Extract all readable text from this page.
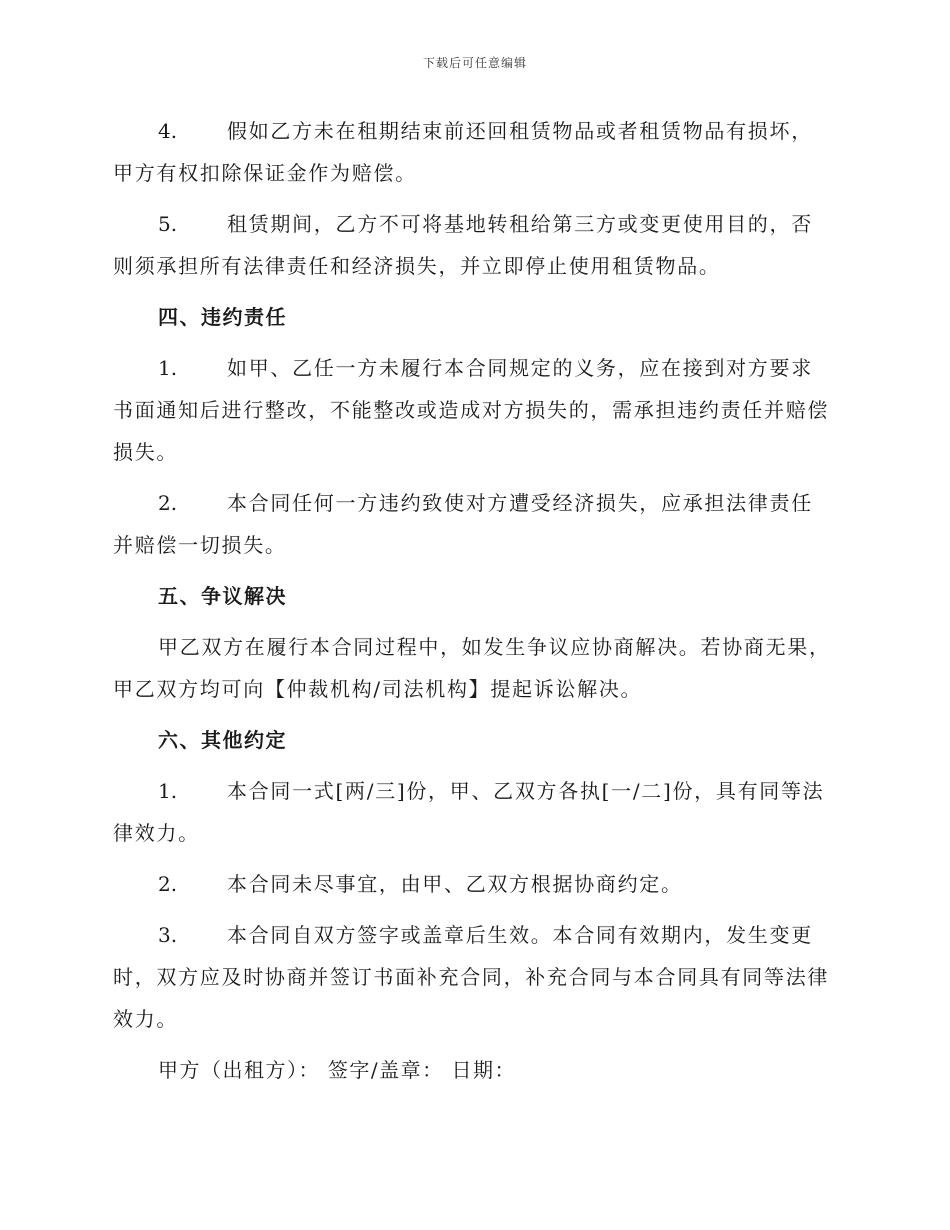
下载后可任意编辑

4. 假如乙方未在租期结束前还回租赁物品或者租赁物品有损坏，甲方有权扣除保证金作为赔偿。

5. 租赁期间，乙方不可将基地转租给第三方或变更使用目的，否则须承担所有法律责任和经济损失，并立即停止使用租赁物品。

四、违约责任

1. 如甲、乙任一方未履行本合同规定的义务，应在接到对方要求书面通知后进行整改，不能整改或造成对方损失的，需承担违约责任并赔偿损失。

2. 本合同任何一方违约致使对方遭受经济损失，应承担法律责任并赔偿一切损失。

五、争议解决

甲乙双方在履行本合同过程中，如发生争议应协商解决。若协商无果，甲乙双方均可向【仲裁机构/司法机构】提起诉讼解决。

六、其他约定

1. 本合同一式[两/三]份，甲、乙双方各执[一/二]份，具有同等法律效力。

2. 本合同未尽事宜，由甲、乙双方根据协商约定。

3. 本合同自双方签字或盖章后生效。本合同有效期内，发生变更时，双方应及时协商并签订书面补充合同，补充合同与本合同具有同等法律效力。

甲方（出租方）： 签字/盖章： 日期：
